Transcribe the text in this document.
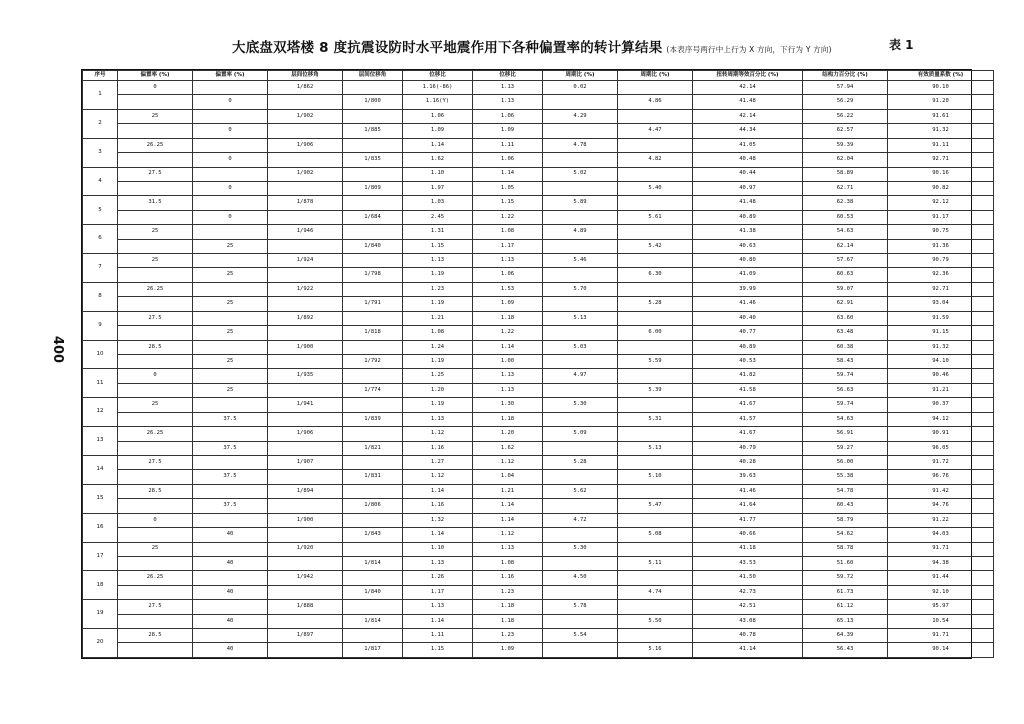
大底盘双塔楼 8 度抗震设防时水平地震作用下各种偏置率的转计算结果 (本表序号两行中上行为 X 方向，下行为 Y 方向)	表 1
400
序号	偏置率 (%)	偏置率 (%)	层间位移角	层间位移角	位移比	位移比	周期比 (%)	周期比 (%)	扭转周期等效百分比 (%)	结构力百分比 (%)	有效质量系数 (%)
1	0		1/862		1.16(-86)	1.13	0.02		42.14	57.94	90.10
		0		1/800	1.16(Y)	1.13		4.86	41.48	56.29	91.20
2	25		1/902		1.06	1.06	4.29		42.14	56.22	91.61
		0		1/885	1.09	1.09		4.47	44.34	62.57	91.32
3	26.25		1/906		1.14	1.11	4.78		41.05	59.39	91.11
		0		1/835	1.62	1.06		4.82	40.48	62.04	92.71
4	27.5		1/902		1.10	1.14	5.02		40.44	58.89	90.16
		0		1/809	1.97	1.05		5.40	40.97	62.71	90.82
5	31.5		1/878		1.03	1.15	5.89		41.48	62.38	92.12
		0		1/684	2.45	1.22		5.61	40.89	60.53	91.17
6	25		1/946		1.31	1.08	4.89		41.38	54.63	90.75
		25		1/840	1.15	1.17		5.42	40.63	62.14	91.36
7	25		1/924		1.13	1.13	5.46		40.80	57.67	90.79
		25		1/798	1.19	1.06		6.30	41.09	60.63	92.36
8	26.25		1/922		1.23	1.53	5.70		39.99	59.07	92.71
		25		1/791	1.19	1.09		5.28	41.46	62.91	93.04
9	27.5		1/892		1.21	1.18	5.13		40.40	63.60	91.59
		25		1/818	1.08	1.22		6.00	40.77	63.48	91.15
10	28.5		1/900		1.24	1.14	5.03		40.89	60.38	91.32
		25		1/792	1.19	1.00		5.59	40.53	58.43	94.10
11	0		1/935		1.25	1.13	4.97		41.82	59.74	90.46
		25		1/774	1.20	1.13		5.39	41.58	56.63	91.21
12	25		1/941		1.19	1.30	5.30		41.67	59.74	90.37
		37.5		1/839	1.13	1.18		5.31	41.57	54.63	94.12
13	26.25		1/906		1.12	1.20	5.09		41.67	56.91	90.91
		37.5		1/821	1.16	1.62		5.13	40.79	59.27	96.05
14	27.5		1/907		1.27	1.12	5.28		40.28	56.00	91.72
		37.5		1/831	1.12	1.04		5.10	39.63	55.38	96.76
15	28.5		1/894		1.14	1.21	5.62		41.46	54.78	91.42
		37.5		1/806	1.16	1.14		5.47	41.64	60.43	94.76
16	0		1/900		1.32	1.14	4.72		41.77	58.79	91.22
		40		1/843	1.14	1.12		5.08	40.66	54.62	94.03
17	25		1/920		1.10	1.13	5.30		41.18	58.78	91.71
		40		1/814	1.13	1.08		5.11	43.53	51.60	94.38
18	26.25		1/942		1.26	1.16	4.50		41.50	59.72	91.44
		40		1/840	1.17	1.23		4.74	42.73	61.73	92.10
19	27.5		1/888		1.13	1.18	5.78		42.51	61.12	95.97
		40		1/814	1.14	1.18		5.50	43.08	65.13	10.54
20	28.5		1/897		1.11	1.23	5.54		40.78	64.39	91.71
		40		1/817	1.15	1.09		5.16	41.14	56.43	90.14
